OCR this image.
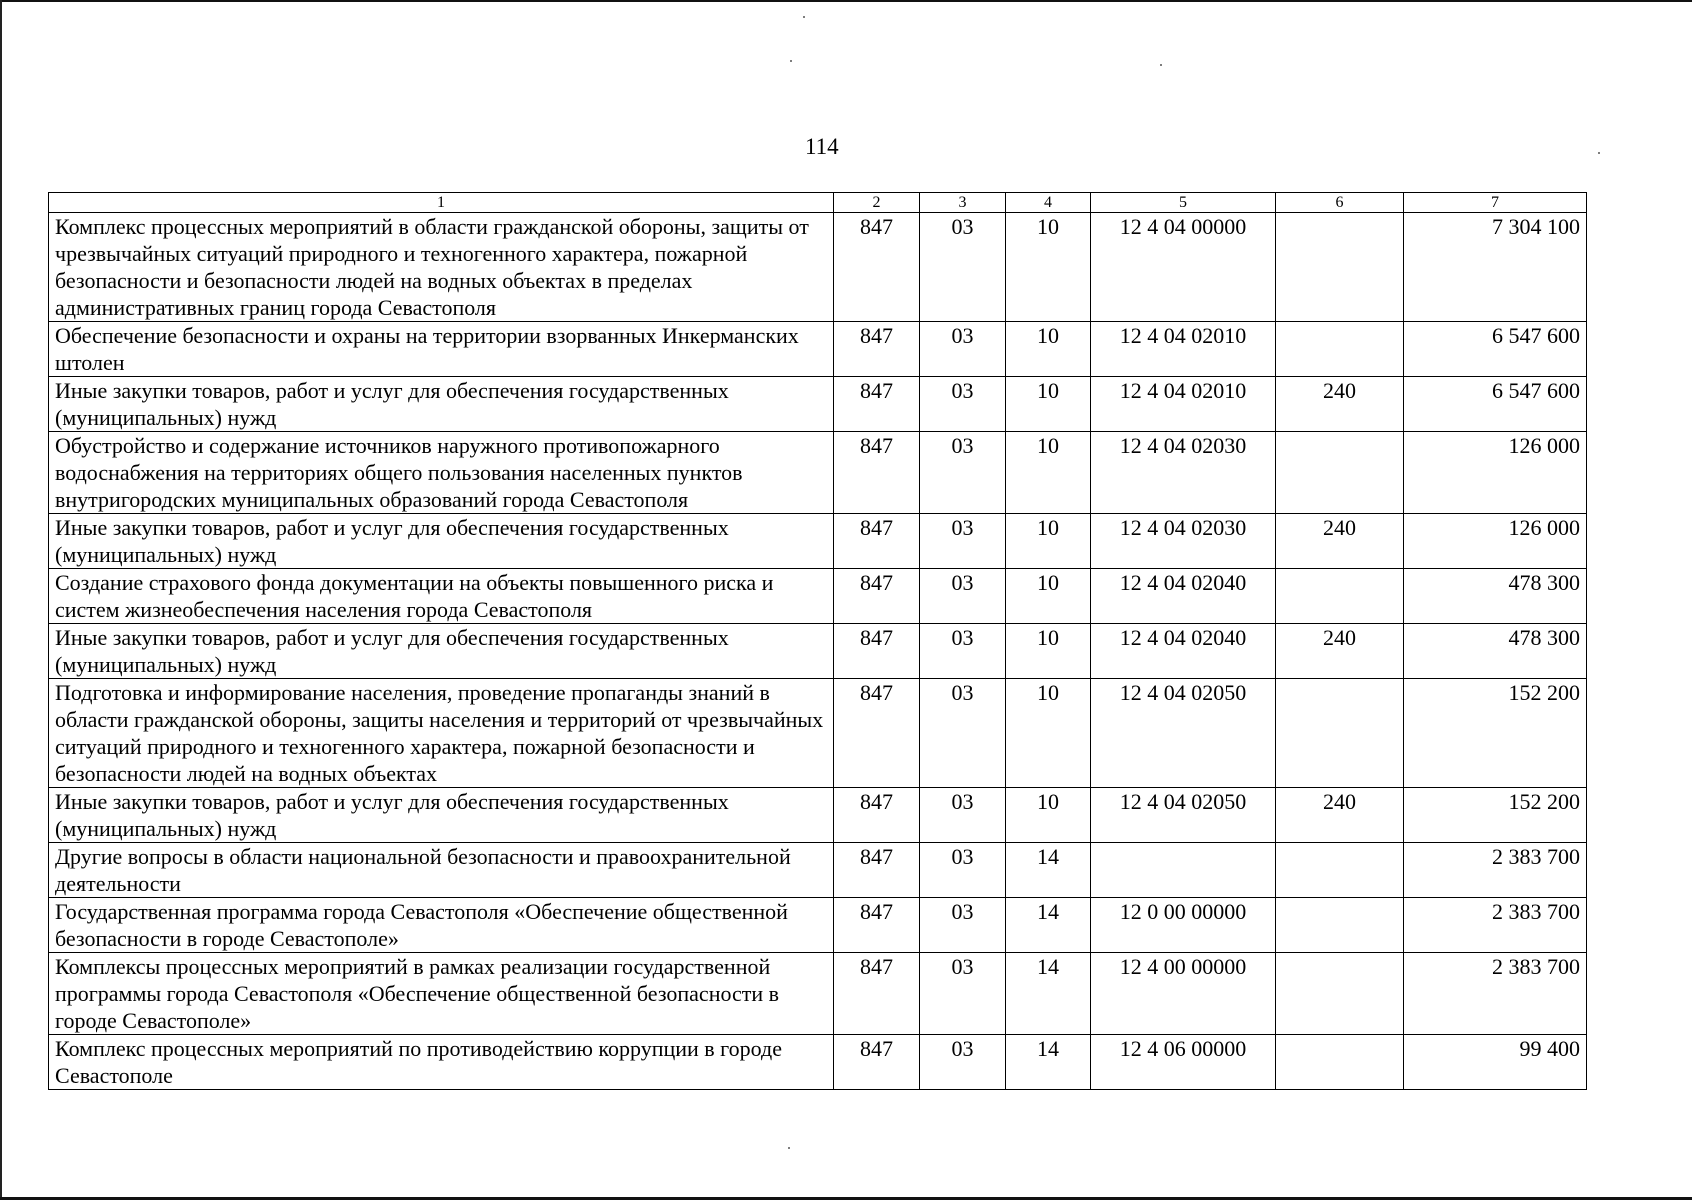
114
1	2	3	4	5	6	7
Комплекс процессных мероприятий в области гражданской обороны, защиты от чрезвычайных ситуаций природного и техногенного характера, пожарной безопасности и безопасности людей на водных объектах в пределах административных границ города Севастополя	847	03	10	12 4 04 00000		7 304 100
Обеспечение безопасности и охраны на территории взорванных Инкерманских штолен	847	03	10	12 4 04 02010		6 547 600
Иные закупки товаров, работ и услуг для обеспечения государственных (муниципальных) нужд	847	03	10	12 4 04 02010	240	6 547 600
Обустройство и содержание источников наружного противопожарного водоснабжения на территориях общего пользования населенных пунктов внутригородских муниципальных образований города Севастополя	847	03	10	12 4 04 02030		126 000
Иные закупки товаров, работ и услуг для обеспечения государственных (муниципальных) нужд	847	03	10	12 4 04 02030	240	126 000
Создание страхового фонда документации на объекты повышенного риска и систем жизнеобеспечения населения города Севастополя	847	03	10	12 4 04 02040		478 300
Иные закупки товаров, работ и услуг для обеспечения государственных (муниципальных) нужд	847	03	10	12 4 04 02040	240	478 300
Подготовка и информирование населения, проведение пропаганды знаний в области гражданской обороны, защиты населения и территорий от чрезвычайных ситуаций природного и техногенного характера, пожарной безопасности и безопасности людей на водных объектах	847	03	10	12 4 04 02050		152 200
Иные закупки товаров, работ и услуг для обеспечения государственных (муниципальных) нужд	847	03	10	12 4 04 02050	240	152 200
Другие вопросы в области национальной безопасности и правоохранительной деятельности	847	03	14			2 383 700
Государственная программа города Севастополя «Обеспечение общественной безопасности в городе Севастополе»	847	03	14	12 0 00 00000		2 383 700
Комплексы процессных мероприятий в рамках реализации государственной программы города Севастополя «Обеспечение общественной безопасности в городе Севастополе»	847	03	14	12 4 00 00000		2 383 700
Комплекс процессных мероприятий по противодействию коррупции в городе Севастополе	847	03	14	12 4 06 00000		99 400
